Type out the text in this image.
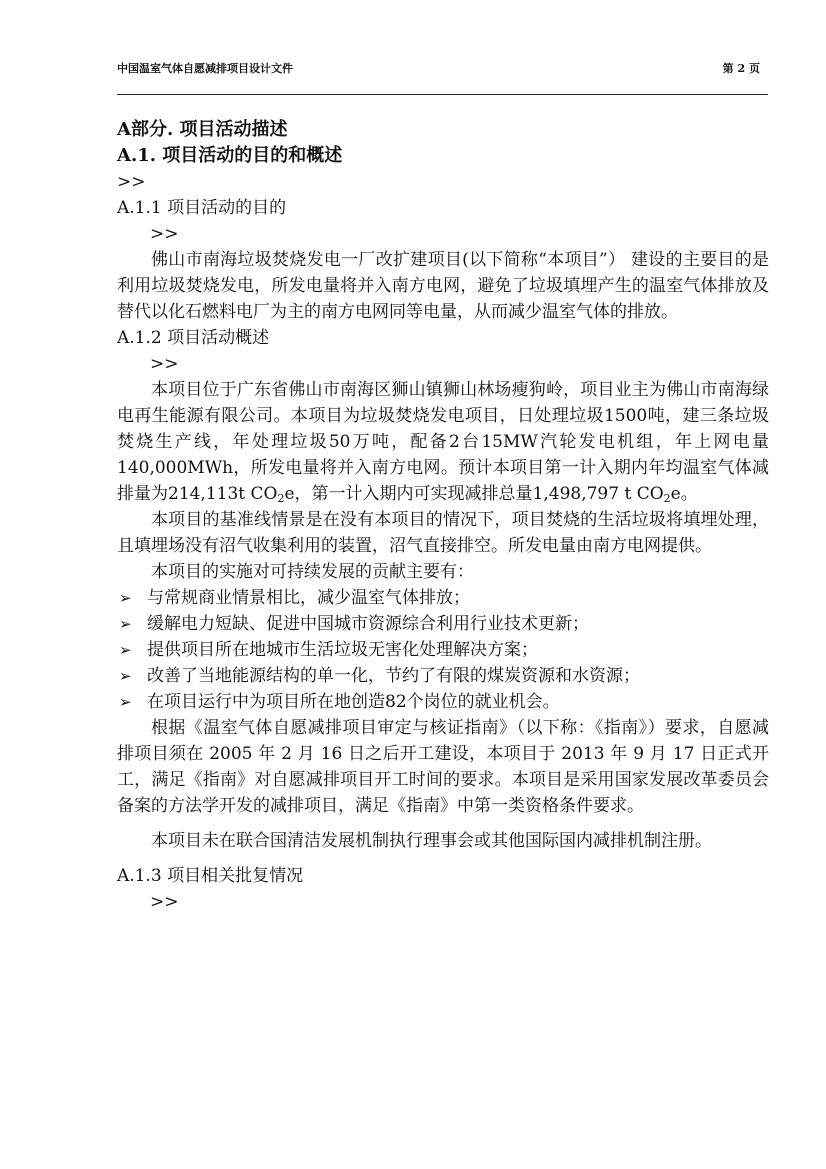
中国温室气体自愿减排项目设计文件	第 2 页
A部分. 项目活动描述
A.1. 项目活动的目的和概述
>>
A.1.1 项目活动的目的
>>

佛山市南海垃圾焚烧发电一厂改扩建项目(以下简称“本项目”） 建设的主要目的是利用垃圾焚烧发电，所发电量将并入南方电网，避免了垃圾填埋产生的温室气体排放及替代以化石燃料电厂为主的南方电网同等电量，从而减少温室气体的排放。

A.1.2 项目活动概述
>>

本项目位于广东省佛山市南海区狮山镇狮山林场瘦狗岭，项目业主为佛山市南海绿电再生能源有限公司。本项目为垃圾焚烧发电项目，日处理垃圾1500吨，建三条垃圾焚烧生产线，年处理垃圾50万吨，配备2台15MW汽轮发电机组，年上网电量140,000MWh，所发电量将并入南方电网。预计本项目第一计入期内年均温室气体减排量为214,113t $CO_2e$，第一计入期内可实现减排总量1,498,797 t $CO_2e$。

本项目的基准线情景是在没有本项目的情况下，项目焚烧的生活垃圾将填埋处理，且填埋场没有沼气收集利用的装置，沼气直接排空。所发电量由南方电网提供。

本项目的实施对可持续发展的贡献主要有：

➢ 与常规商业情景相比，减少温室气体排放；
➢ 缓解电力短缺、促进中国城市资源综合利用行业技术更新；
➢ 提供项目所在地城市生活垃圾无害化处理解决方案；
➢ 改善了当地能源结构的单一化，节约了有限的煤炭资源和水资源；
➢ 在项目运行中为项目所在地创造82个岗位的就业机会。

根据《温室气体自愿减排项目审定与核证指南》（以下称：《指南》）要求，自愿减排项目须在 2005 年 2 月 16 日之后开工建设，本项目于 2013 年 9 月 17 日正式开工，满足《指南》对自愿减排项目开工时间的要求。本项目是采用国家发展改革委员会备案的方法学开发的减排项目，满足《指南》中第一类资格条件要求。

本项目未在联合国清洁发展机制执行理事会或其他国际国内减排机制注册。

A.1.3 项目相关批复情况
>>
